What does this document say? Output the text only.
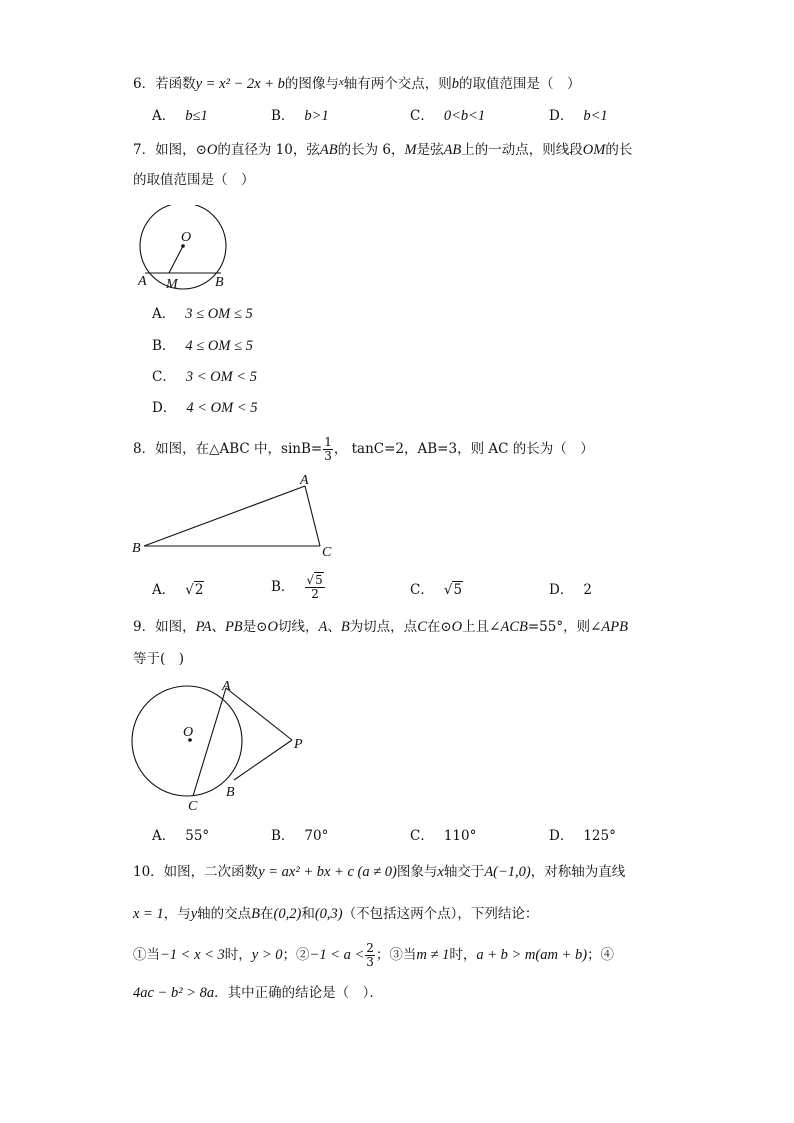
6．若函数y = x² − 2x + b的图像与$^x$轴有两个交点，则b的取值范围是（　）
A． b≤1	B． b>1	C． 0<b<1	D． b<1
7．如图，⊙O的直径为 10，弦AB的长为 6，M是弦AB上的一动点，则线段OM的长
的取值范围是（　）
O
A M	B
A． 3 ≤ OM ≤ 5
B． 4 ≤ OM ≤ 5
C． 3 < OM < 5
D． 4 < OM < 5
8．如图，在△ABC 中，$\sin B= \frac{1}{3}$ ， tanC=2，AB=3，则 AC 的长为（　）
A
B	C
A． √2	B． $\frac{√5}{2}$	C． √5	D． 2
9．如图，PA、PB是⊙O切线，A、B为切点，点C在⊙O上且∠ACB=55°，则∠APB
等于(　)
A
O
P
C
B
A． 55°	B． 70°	C． 110°	D． 125°
10．如图，二次函数y = ax² + bx + c (a ≠ 0)图象与x轴交于A(−1,0)，对称轴为直线
x = 1，与y轴的交点B在(0,2)和(0,3)（不包括这两个点），下列结论：
①当−1 < x < 3时，y > 0；②−1 < $a < \frac{2}{3}$ ；③当m ≠ 1时，a + b > m(am + b)；④
4ac − b² > 8a．其中正确的结论是（　）．
